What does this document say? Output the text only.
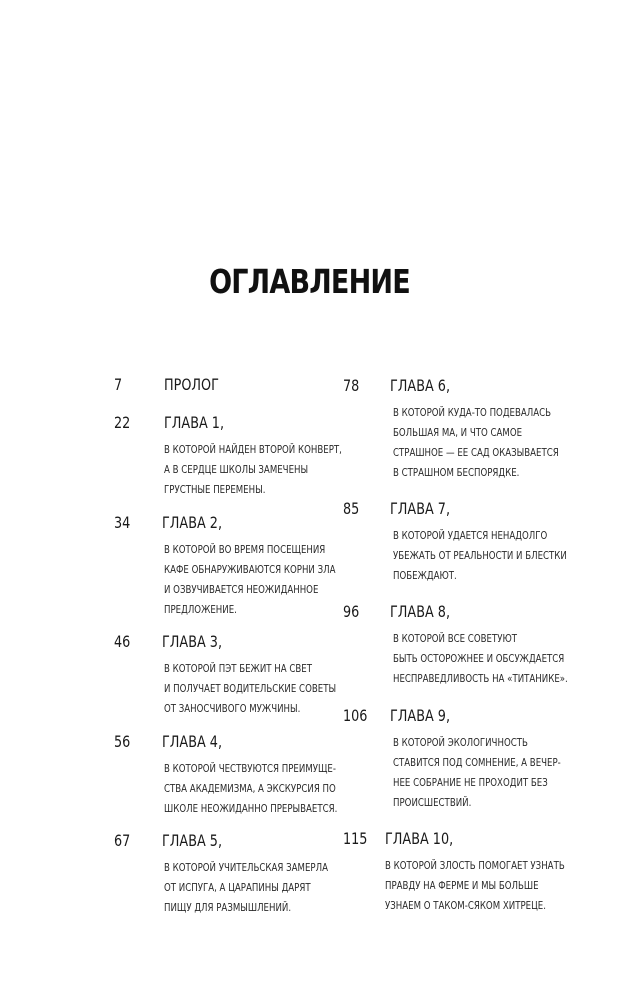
ОГЛАВЛЕНИЕ
7	ПРОЛОГ
22 ГЛАВА 1,
В КОТОРОЙ НАЙДЕН ВТОРОЙ КОНВЕРТ,
А В СЕРДЦЕ ШКОЛЫ ЗАМЕЧЕНЫ
ГРУСТНЫЕ ПЕРЕМЕНЫ.
34 ГЛАВА 2,
В КОТОРОЙ ВО ВРЕМЯ ПОСЕЩЕНИЯ
КАФЕ ОБНАРУЖИВАЮТСЯ КОРНИ ЗЛА
И ОЗВУЧИВАЕТСЯ НЕОЖИДАННОЕ
ПРЕДЛОЖЕНИЕ.
46 ГЛАВА 3,
В КОТОРОЙ ПЭТ БЕЖИТ НА СВЕТ
И ПОЛУЧАЕТ ВОДИТЕЛЬСКИЕ СОВЕТЫ
ОТ ЗАНОСЧИВОГО МУЖЧИНЫ.
56 ГЛАВА 4,
В КОТОРОЙ ЧЕСТВУЮТСЯ ПРЕИМУЩЕ-
СТВА АКАДЕМИЗМА, А ЭКСКУРСИЯ ПО
ШКОЛЕ НЕОЖИДАННО ПРЕРЫВАЕТСЯ.
67 ГЛАВА 5,
В КОТОРОЙ УЧИТЕЛЬСКАЯ ЗАМЕРЛА
ОТ ИСПУГА, А ЦАРАПИНЫ ДАРЯТ
ПИЩУ ДЛЯ РАЗМЫШЛЕНИЙ.
78 ГЛАВА 6,
В КОТОРОЙ КУДА-ТО ПОДЕВАЛАСЬ
БОЛЬШАЯ МА, И ЧТО САМОЕ
СТРАШНОЕ — ЕЕ САД ОКАЗЫВАЕТСЯ
В СТРАШНОМ БЕСПОРЯДКЕ.
85 ГЛАВА 7,
В КОТОРОЙ УДАЕТСЯ НЕНАДОЛГО
УБЕЖАТЬ ОТ РЕАЛЬНОСТИ И БЛЕСТКИ
ПОБЕЖДАЮТ.
96 ГЛАВА 8,
В КОТОРОЙ ВСЕ СОВЕТУЮТ
БЫТЬ ОСТОРОЖНЕЕ И ОБСУЖДАЕТСЯ
НЕСПРАВЕДЛИВОСТЬ НА «ТИТАНИКЕ».
106 ГЛАВА 9,
В КОТОРОЙ ЭКОЛОГИЧНОСТЬ
СТАВИТСЯ ПОД СОМНЕНИЕ, А ВЕЧЕР-
НЕЕ СОБРАНИЕ НЕ ПРОХОДИТ БЕЗ
ПРОИСШЕСТВИЙ.
115 ГЛАВА 10,
В КОТОРОЙ ЗЛОСТЬ ПОМОГАЕТ УЗНАТЬ
ПРАВДУ НА ФЕРМЕ И МЫ БОЛЬШЕ
УЗНАЕМ О ТАКОМ-СЯКОМ ХИТРЕЦЕ.
